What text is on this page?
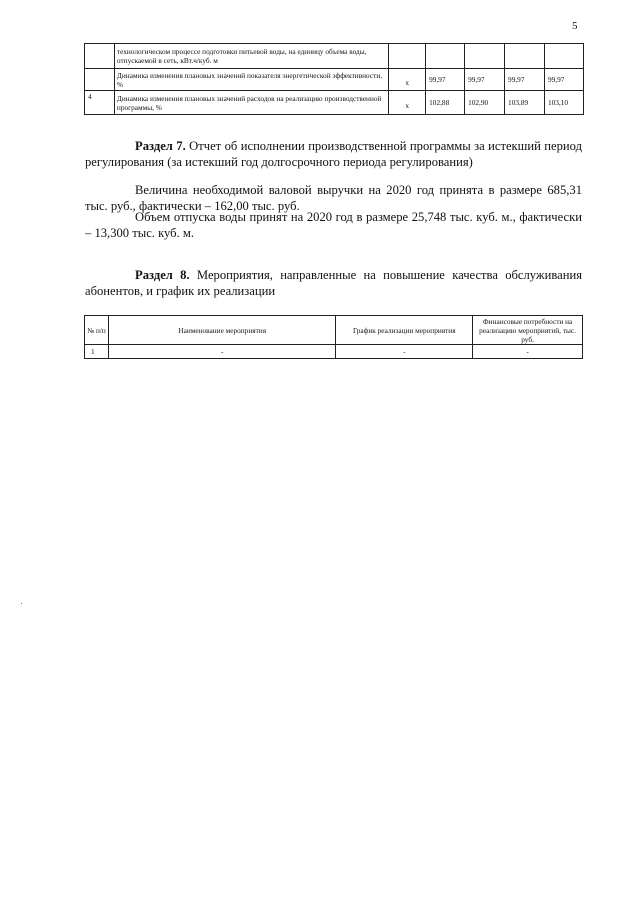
5
	технологическом процессе подготовки питьевой воды, на единицу объема воды, отпускаемой в сеть, кВт.ч/куб. м					
	Динамика изменения плановых значений показателя энергетической эффективности, %	х	99,97	99,97	99,97	99,97
4	Динамика изменения плановых значений расходов на реализацию производственной программы, %	х	102,88	102,90	103,89	103,10
Раздел 7. Отчет об исполнении производственной программы за истекший период регулирования (за истекший год долгосрочного периода регулирования)
Величина необходимой валовой выручки на 2020 год принята в размере 685,31 тыс. руб., фактически – 162,00 тыс. руб.
Объем отпуска воды принят на 2020 год в размере 25,748 тыс. куб. м., фактически – 13,300 тыс. куб. м.
Раздел 8. Мероприятия, направленные на повышение качества обслуживания абонентов, и график их реализации
№ п/п	Наименование мероприятия	График реализации мероприятия	Финансовые потребности на реализацию мероприятий, тыс. руб.
1	-	-	-
